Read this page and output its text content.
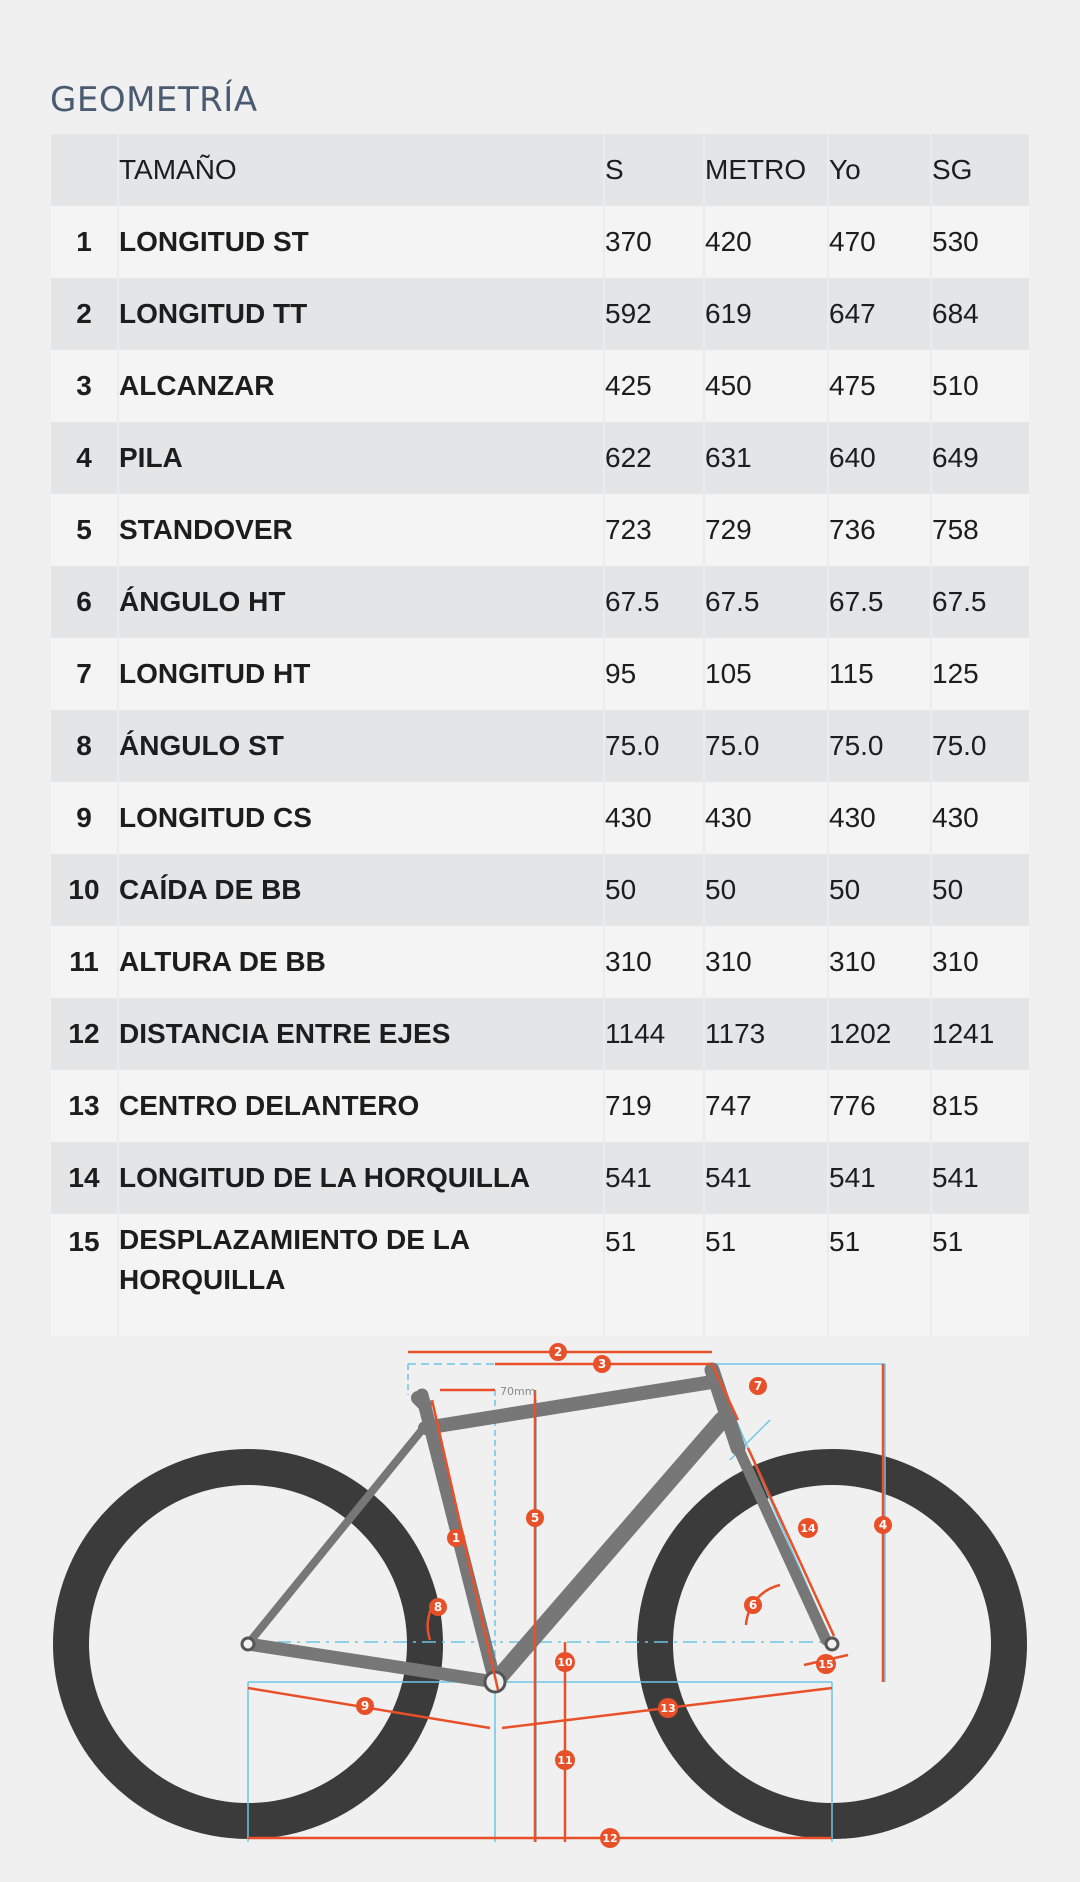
GEOMETRÍA
	TAMAÑO	S	METRO	Yo	SG
1	LONGITUD ST	370	420	470	530
2	LONGITUD TT	592	619	647	684
3	ALCANZAR	425	450	475	510
4	PILA	622	631	640	649
5	STANDOVER	723	729	736	758
6	ÁNGULO HT	67.5	67.5	67.5	67.5
7	LONGITUD HT	95	105	115	125
8	ÁNGULO ST	75.0	75.0	75.0	75.0
9	LONGITUD CS	430	430	430	430
10	CAÍDA DE BB	50	50	50	50
11	ALTURA DE BB	310	310	310	310
12	DISTANCIA ENTRE EJES	1144	1173	1202	1241
13	CENTRO DELANTERO	719	747	776	815
14	LONGITUD DE LA HORQUILLA	541	541	541	541
15	DESPLAZAMIENTO DE LA HORQUILLA	51	51	51	51
70mm
1
2
3
4
5
6
7
8
9
10
11
12
13
14
15
